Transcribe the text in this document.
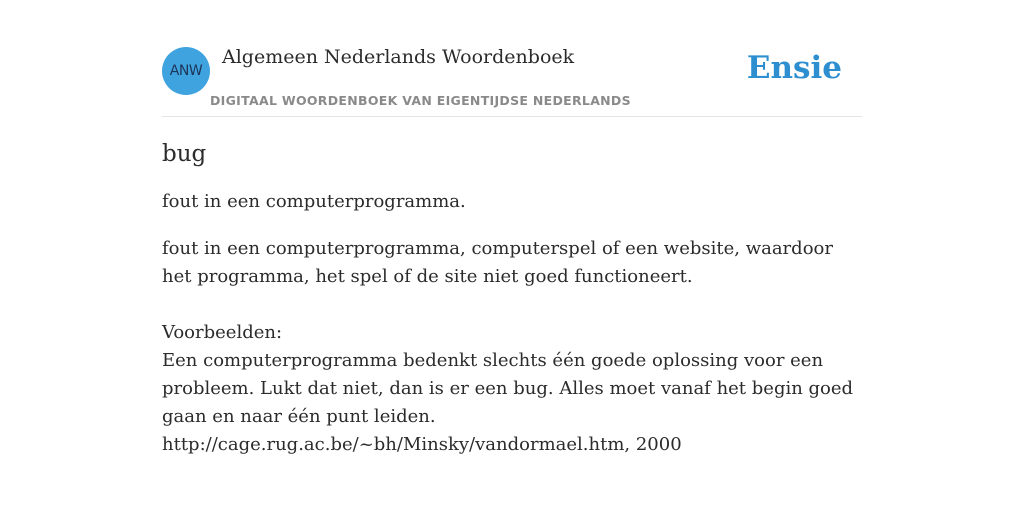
ANW
Algemeen Nederlands Woordenboek
DIGITAAL WOORDENBOEK VAN EIGENTIJDSE NEDERLANDS
Ensie
bug

fout in een computerprogramma.

fout in een computerprogramma, computerspel of een website, waardoor het programma, het spel of de site niet goed functioneert.

Voorbeelden:
Een computerprogramma bedenkt slechts één goede oplossing voor een probleem. Lukt dat niet, dan is er een bug. Alles moet vanaf het begin goed gaan en naar één punt leiden.
http://cage.rug.ac.be/~bh/Minsky/vandormael.htm, 2000
